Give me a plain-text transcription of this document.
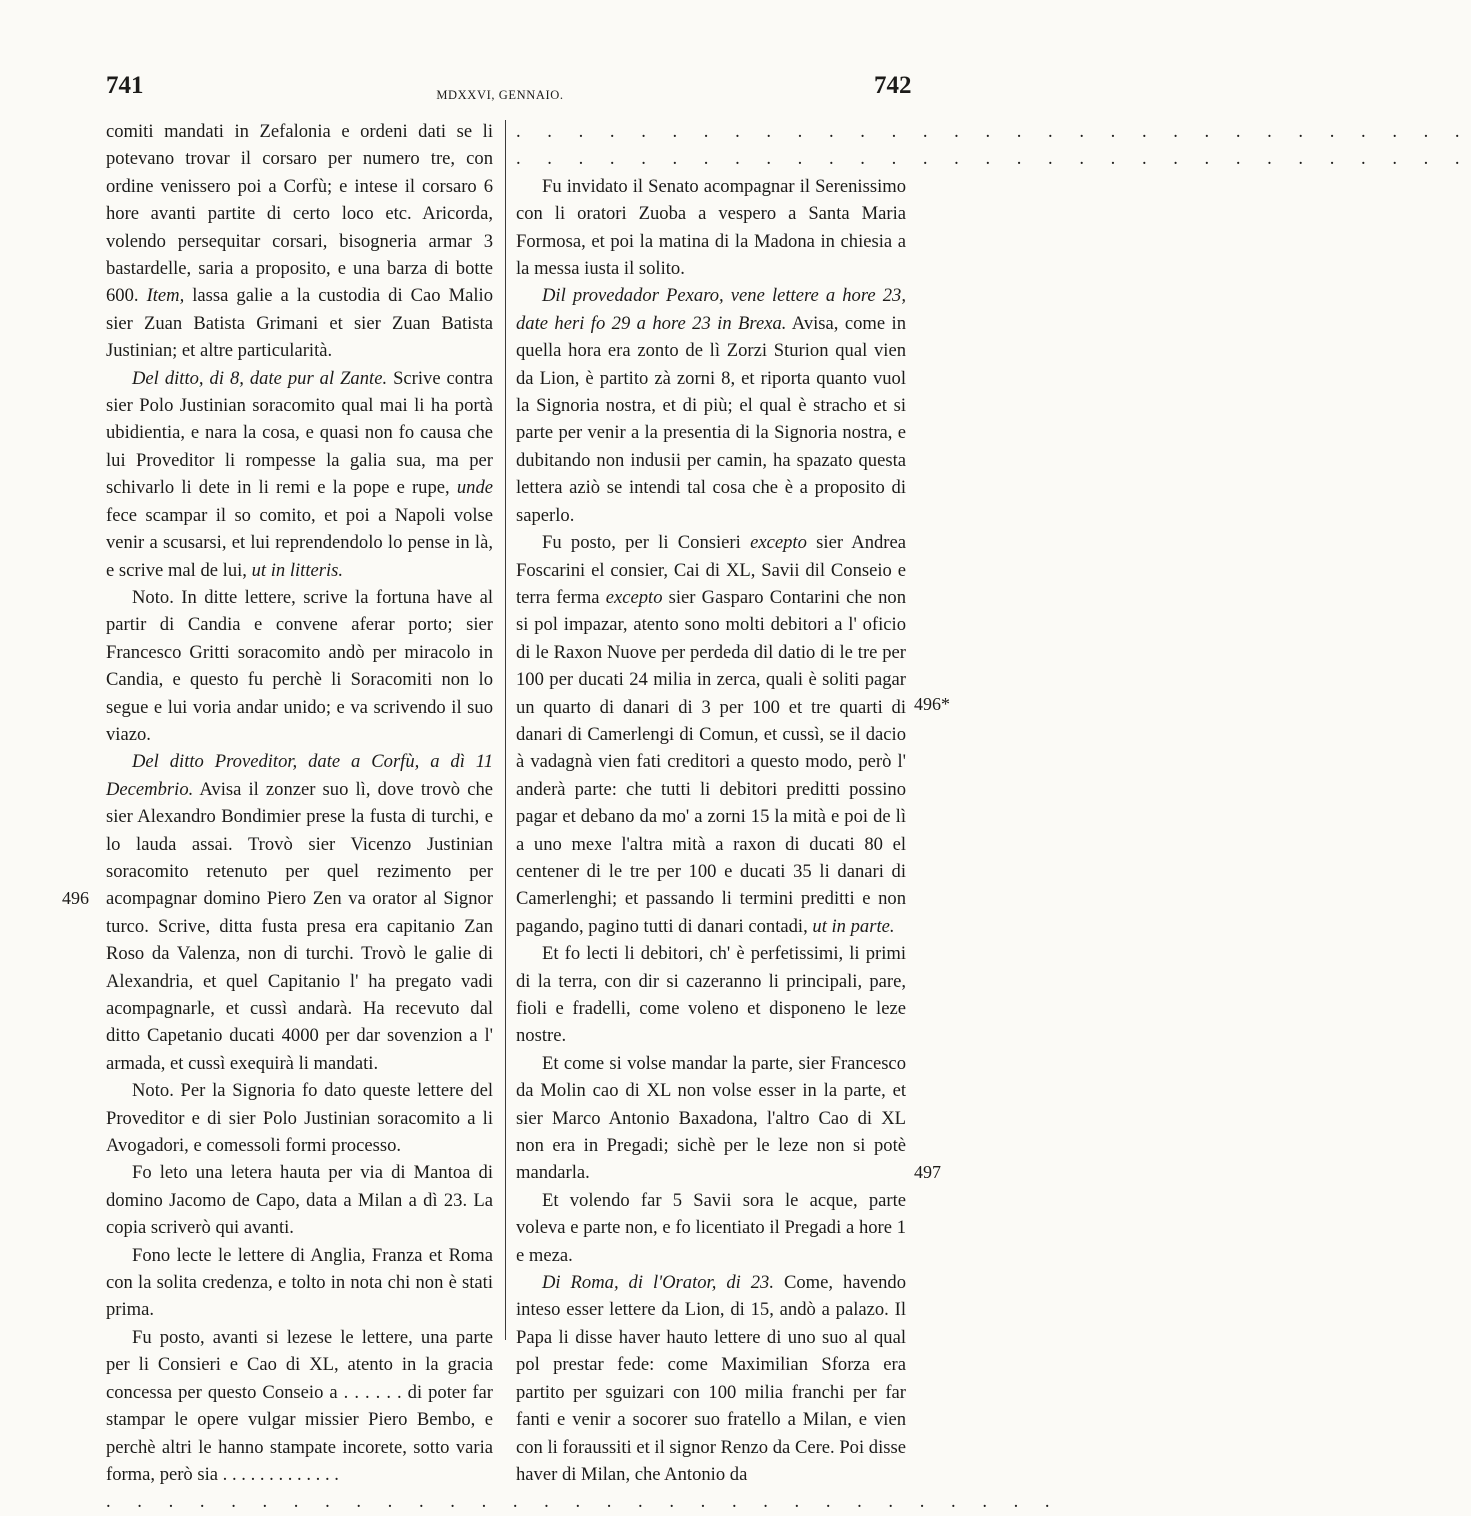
741	MDXXVI, GENNAIO.	742

comiti mandati in Zefalonia e ordeni dati se li potevano trovar il corsaro per numero tre, con ordine venissero poi a Corfù; e intese il corsaro 6 hore avanti partite di certo loco etc. Aricorda, volendo persequitar corsari, bisogneria armar 3 bastardelle, saria a proposito, e una barza di botte 600. Item, lassa galie a la custodia di Cao Malio sier Zuan Batista Grimani et sier Zuan Batista Justinian; et altre particularità.

Del ditto, di 8, date pur al Zante. Scrive contra sier Polo Justinian soracomito qual mai li ha portà ubidientia, e nara la cosa, e quasi non fo causa che lui Proveditor li rompesse la galia sua, ma per schivarlo li dete in li remi e la pope e rupe, unde fece scampar il so comito, et poi a Napoli volse venir a scusarsi, et lui reprendendolo lo pense in là, e scrive mal de lui, ut in litteris.

Noto. In ditte lettere, scrive la fortuna have al partir di Candia e convene aferar porto; sier Francesco Gritti soracomito andò per miracolo in Candia, e questo fu perchè li Soracomiti non lo segue e lui voria andar unido; e va scrivendo il suo viazo.

Del ditto Proveditor, date a Corfù, a dì 11 Decembrio. Avisa il zonzer suo lì, dove trovò che sier Alexandro Bondimier prese la fusta di turchi, e lo lauda assai. Trovò sier Vicenzo Justinian soracomito retenuto per quel rezimento per acompagnar domino Piero Zen va orator al Signor turco. Scrive, ditta fusta presa era capitanio Zan Roso da Valenza, non di turchi. Trovò le galie di Alexandria, et quel Capitanio l' ha pregato vadi acompagnarle, et cussì andarà. Ha recevuto dal ditto Capetanio ducati 4000 per dar sovenzion a l' armada, et cussì exequirà li mandati.

Noto. Per la Signoria fo dato queste lettere del Proveditor e di sier Polo Justinian soracomito a li Avogadori, e comessoli formi processo.

Fo leto una letera hauta per via di Mantoa di domino Jacomo de Capo, data a Milan a dì 23. La copia scriverò qui avanti.

Fono lecte le lettere di Anglia, Franza et Roma con la solita credenza, e tolto in nota chi non è stati prima.

Fu posto, avanti si lezese le lettere, una parte per li Consieri e Cao di XL, atento in la gracia concessa per questo Conseio a . . . . . . di poter far stampar le opere vulgar missier Piero Bembo, e perchè altri le hanno stampate incorete, sotto varia forma, però sia . . . . . . . . . . . . .

. . . . . . . . . . . . . . . . . . . . . . . . . . . . . . .

496
496*
497

. . . . . . . . . . . . . . . . . . . . . . . . . . . . . . .

. . . . . . . . . . . . . . . . . . . . . . . . . . . . . . .

Fu invidato il Senato acompagnar il Serenissimo con li oratori Zuoba a vespero a Santa Maria Formosa, et poi la matina di la Madona in chiesia a la messa iusta il solito.

Dil provedador Pexaro, vene lettere a hore 23, date heri fo 29 a hore 23 in Brexa. Avisa, come in quella hora era zonto de lì Zorzi Sturion qual vien da Lion, è partito zà zorni 8, et riporta quanto vuol la Signoria nostra, et di più; el qual è strachо et si parte per venir a la presentia di la Signoria nostra, e dubitando non indusii per camin, ha spazato questa lettera aziò se intendi tal cosa che è a proposito di saperlo.

Fu posto, per li Consieri excepto sier Andrea Foscarini el consier, Cai di XL, Savii dil Conseio e terra ferma excepto sier Gasparo Contarini che non si pol impazar, atento sono molti debitori a l' oficio di le Raxon Nuove per perdeda dil datio di le tre per 100 per ducati 24 milia in zerca, quali è soliti pagar un quarto di danari di 3 per 100 et tre quarti di danari di Camerlengi di Comun, et cussì, se il dacio à vadagnà vien fati creditori a questo modo, però l' anderà parte: che tutti li debitori preditti possino pagar et debano da mo' a zorni 15 la mità e poi de lì a uno mexe l'altra mità a raxon di ducati 80 el centener di le tre per 100 e ducati 35 li danari di Camerlenghi; et passando li termini preditti e non pagando, pagino tutti di danari contadi, ut in parte.

Et fo lecti li debitori, ch' è perfetissimi, li primi di la terra, con dir si cazeranno li principali, pare, fioli e fradelli, come voleno et disponeno le leze nostre.

Et come si volse mandar la parte, sier Francesco da Molin cao di XL non volse esser in la parte, et sier Marco Antonio Baxadona, l'altro Cao di XL non era in Pregadi; sichè per le leze non si potè mandarla.

Et volendo far 5 Savii sora le acque, parte voleva e parte non, e fo licentiato il Pregadi a hore 1 e meza.

Di Roma, di l'Orator, di 23. Come, havendo inteso esser lettere da Lion, di 15, andò a palazo. Il Papa li disse haver hauto lettere di uno suo al qual pol prestar fede: come Maximilian Sforza era partito per sguizari con 100 milia franchi per far fanti e venir a socorer suo fratello a Milan, e vien con li foraussiti et il signor Renzo da Cere. Poi disse haver di Milan, che Antonio da
